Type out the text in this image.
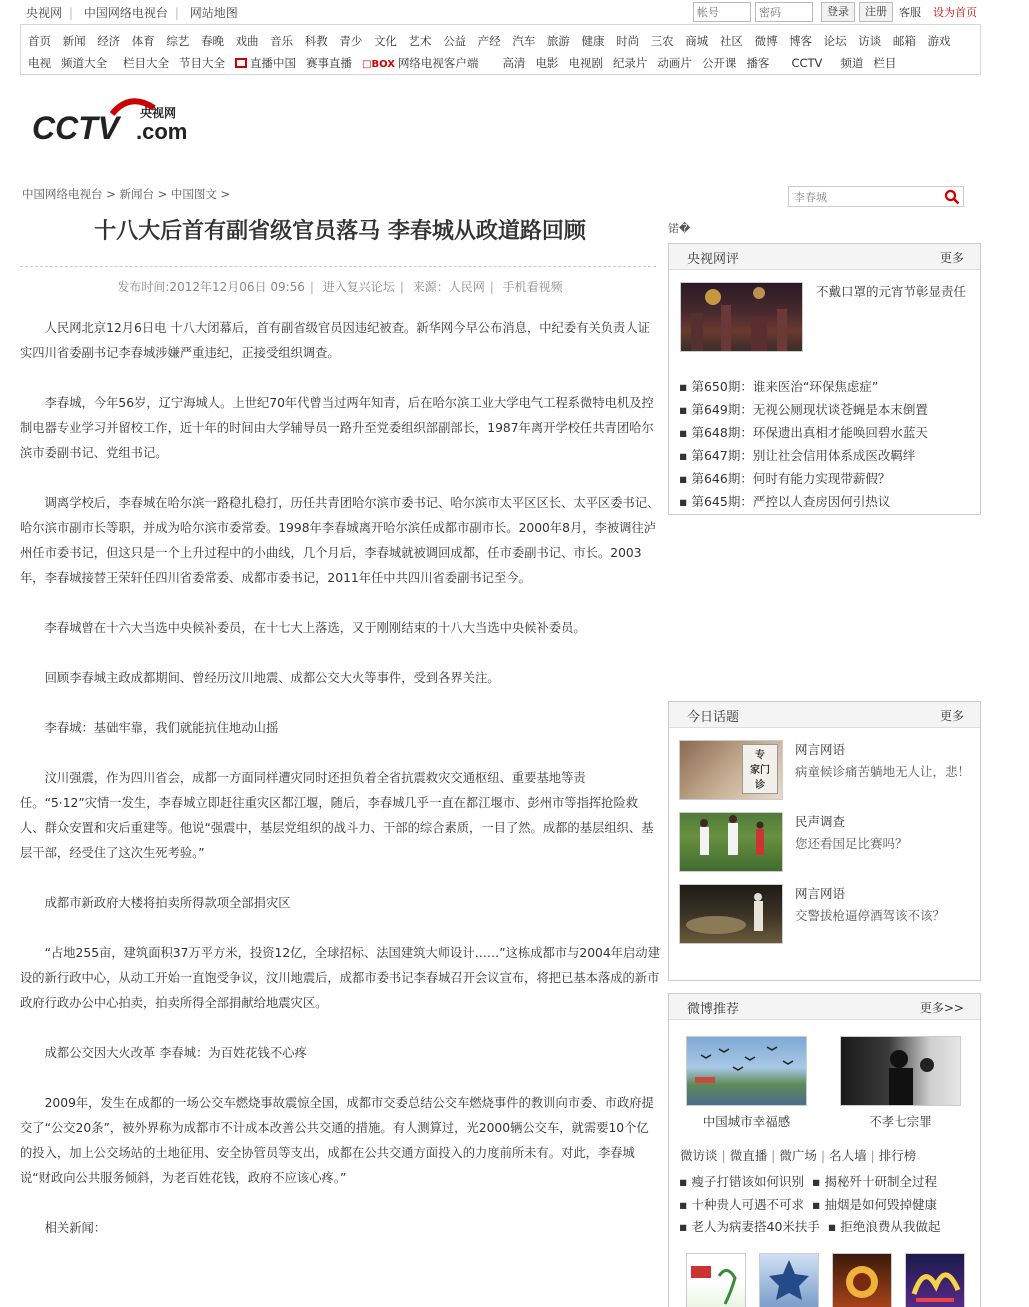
央视网 | 中国网络电视台 | 网站地图
帐号
密码	登录	注册	客服 设为首页
首页 新闻 经济 体育 综艺 春晚 戏曲 音乐 科教 青少 文化 艺术 公益 产经 汽车 旅游 健康 时尚 三农 商城 社区 微博 博客 论坛 访谈 邮箱 游戏
电视 频道大全 栏目大全 节目大全 直播中国 赛事直播 □BOX 网络电视客户端 高清 电影 电视剧 纪录片 动画片 公开课 播客 CCTV 频道 栏目
CCTV .com
央视网
中国网络电视台 > 新闻台 > 中国图文 >
李春城
十八大后首有副省级官员落马 李春城从政道路回顾
发布时间:2012年12月06日 09:56 | 进入复兴论坛 | 来源：人民网 | 手机看视频

人民网北京12月6日电 十八大闭幕后，首有副省级官员因违纪被查。新华网今早公布消息，中纪委有关负责人证实四川省委副书记李春城涉嫌严重违纪，正接受组织调查。

李春城，今年56岁，辽宁海城人。上世纪70年代曾当过两年知青，后在哈尔滨工业大学电气工程系微特电机及控制电器专业学习并留校工作，近十年的时间由大学辅导员一路升至党委组织部副部长，1987年离开学校任共青团哈尔滨市委副书记、党组书记。

调离学校后，李春城在哈尔滨一路稳扎稳打，历任共青团哈尔滨市委书记、哈尔滨市太平区区长、太平区委书记、哈尔滨市副市长等职，并成为哈尔滨市委常委。1998年李春城离开哈尔滨任成都市副市长。2000年8月，李被调往泸州任市委书记，但这只是一个上升过程中的小曲线，几个月后，李春城就被调回成都，任市委副书记、市长。2003年，李春城接替王荣轩任四川省委常委、成都市委书记，2011年任中共四川省委副书记至今。

李春城曾在十六大当选中央候补委员，在十七大上落选，又于刚刚结束的十八大当选中央候补委员。

回顾李春城主政成都期间、曾经历汶川地震、成都公交大火等事件，受到各界关注。

李春城：基础牢靠，我们就能抗住地动山摇

汶川强震，作为四川省会，成都一方面同样遭灾同时还担负着全省抗震救灾交通枢纽、重要基地等责任。“5·12”灾情一发生，李春城立即赶往重灾区都江堰，随后，李春城几乎一直在都江堰市、彭州市等指挥抢险救人、群众安置和灾后重建等。他说“强震中，基层党组织的战斗力、干部的综合素质，一目了然。成都的基层组织、基层干部，经受住了这次生死考验。”

成都市新政府大楼将拍卖所得款项全部捐灾区

“占地255亩，建筑面积37万平方米，投资12亿，全球招标、法国建筑大师设计……”这栋成都市与2004年启动建设的新行政中心，从动工开始一直饱受争议，汶川地震后，成都市委书记李春城召开会议宣布，将把已基本落成的新市政府行政办公中心拍卖，拍卖所得全部捐献给地震灾区。

成都公交因大火改革 李春城：为百姓花钱不心疼

2009年，发生在成都的一场公交车燃烧事故震惊全国，成都市交委总结公交车燃烧事件的教训向市委、市政府提交了“公交20条”，被外界称为成都市不计成本改善公共交通的措施。有人测算过，光2000辆公交车，就需要10个亿的投入，加上公交场站的土地征用、安全协管员等支出，成都在公共交通方面投入的力度前所未有。对此，李春城说“财政向公共服务倾斜，为老百姓花钱，政府不应该心疼。”

相关新闻：

锘�
央视网评	更多
不戴口罩的元宵节彰显责任
▪ 第650期：谁来医治“环保焦虑症”
▪ 第649期：无视公厕现状谈苍蝇是本末倒置
▪ 第648期：环保遗出真相才能唤回碧水蓝天
▪ 第647期：别让社会信用体系成医改羁绊
▪ 第646期：何时有能力实现带薪假？
▪ 第645期：严控以人查房因何引热议
今日话题	更多
专
家门
诊
网言网语
病童候诊痛苦躺地无人让，悲！
民声调查
您还看国足比赛吗？
网言网语
交警拔枪逼停酒驾该不该？
微博推荐	更多>>
中国城市幸福感	不孝七宗罪
微访谈 | 微直播 | 微广场 | 名人墙 | 排行榜
▪ 瘦子打错该如何识别 ▪ 揭秘歼十研制全过程
▪ 十种贵人可遇不可求 ▪ 抽烟是如何毁掉健康
▪ 老人为病妻搭40米扶手 ▪ 拒绝浪费从我做起
